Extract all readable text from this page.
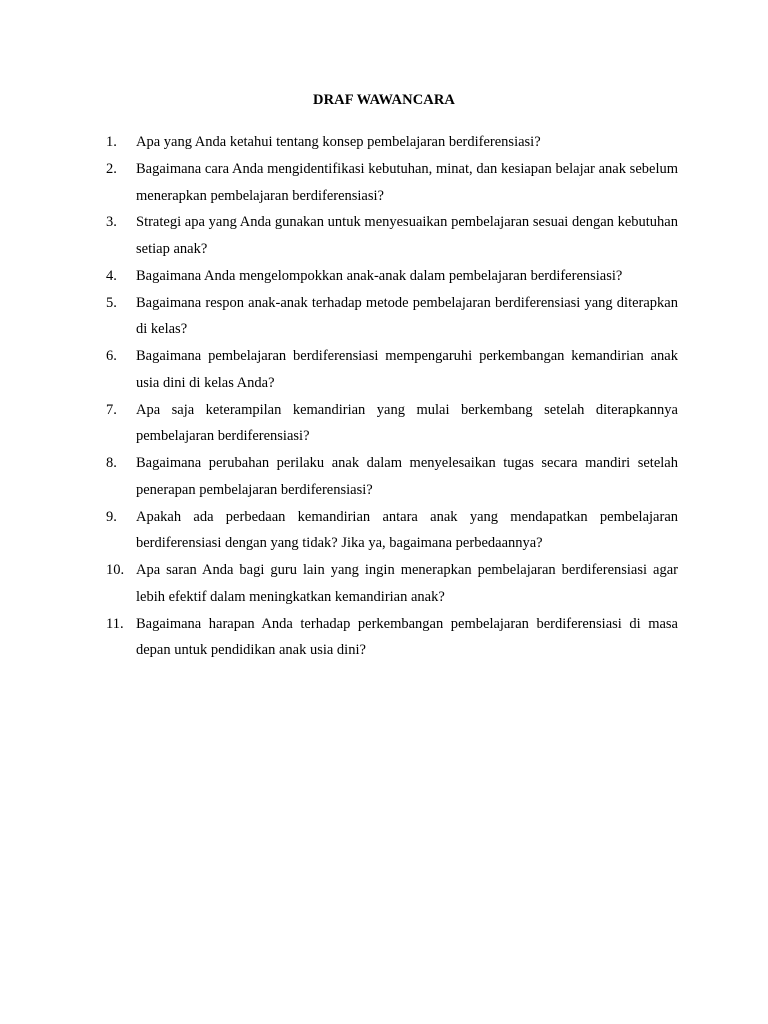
DRAF WAWANCARA
1.	Apa yang Anda ketahui tentang konsep pembelajaran berdiferensiasi?
2.	Bagaimana cara Anda mengidentifikasi kebutuhan, minat, dan kesiapan belajar anak sebelum menerapkan pembelajaran berdiferensiasi?
3.	Strategi apa yang Anda gunakan untuk menyesuaikan pembelajaran sesuai dengan kebutuhan setiap anak?
4.	Bagaimana Anda mengelompokkan anak-anak dalam pembelajaran berdiferensiasi?
5.	Bagaimana respon anak-anak terhadap metode pembelajaran berdiferensiasi yang diterapkan di kelas?
6.	Bagaimana pembelajaran berdiferensiasi mempengaruhi perkembangan kemandirian anak usia dini di kelas Anda?
7.	Apa saja keterampilan kemandirian yang mulai berkembang setelah diterapkannya pembelajaran berdiferensiasi?
8.	Bagaimana perubahan perilaku anak dalam menyelesaikan tugas secara mandiri setelah penerapan pembelajaran berdiferensiasi?
9.	Apakah ada perbedaan kemandirian antara anak yang mendapatkan pembelajaran berdiferensiasi dengan yang tidak? Jika ya, bagaimana perbedaannya?
10. Apa saran Anda bagi guru lain yang ingin menerapkan pembelajaran berdiferensiasi agar lebih efektif dalam meningkatkan kemandirian anak?
11. Bagaimana harapan Anda terhadap perkembangan pembelajaran berdiferensiasi di masa depan untuk pendidikan anak usia dini?
